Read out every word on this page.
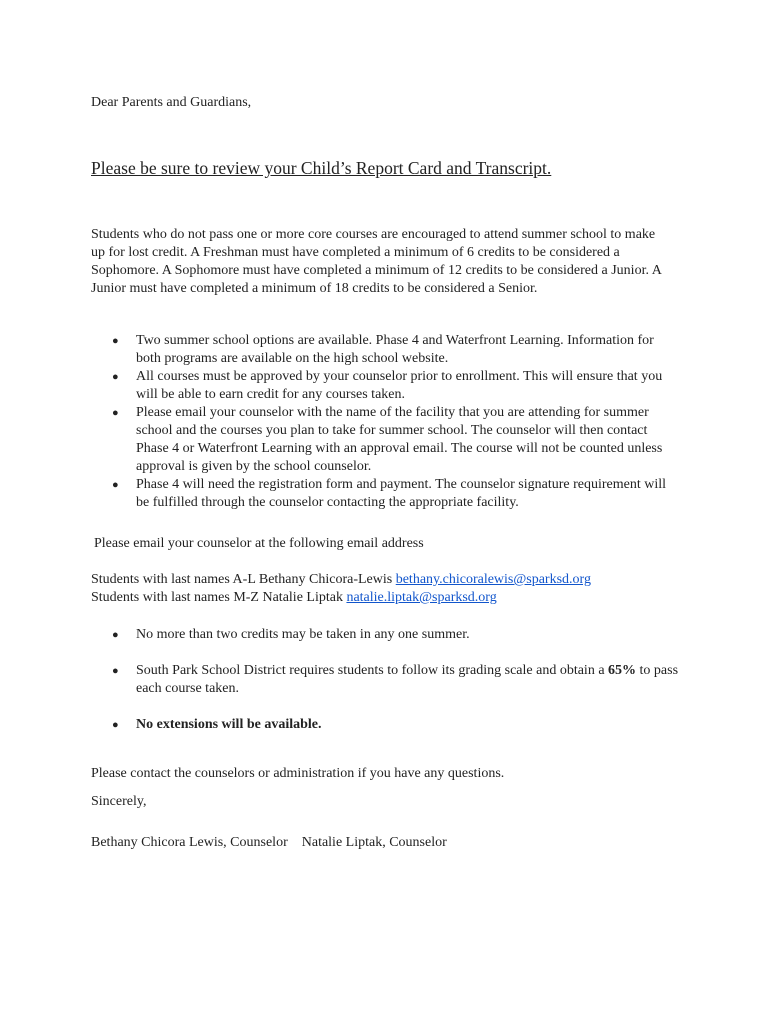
Dear Parents and Guardians,

Please be sure to review your Child’s Report Card and Transcript.

Students who do not pass one or more core courses are encouraged to attend summer school to make up for lost credit. A Freshman must have completed a minimum of 6 credits to be considered a Sophomore. A Sophomore must have completed a minimum of 12 credits to be considered a Junior. A Junior must have completed a minimum of 18 credits to be considered a Senior.

● Two summer school options are available. Phase 4 and Waterfront Learning. Information for both programs are available on the high school website.
● All courses must be approved by your counselor prior to enrollment. This will ensure that you will be able to earn credit for any courses taken.
● Please email your counselor with the name of the facility that you are attending for summer school and the courses you plan to take for summer school. The counselor will then contact Phase 4 or Waterfront Learning with an approval email. The course will not be counted unless approval is given by the school counselor.
● Phase 4 will need the registration form and payment. The counselor signature requirement will be fulfilled through the counselor contacting the appropriate facility.

Please email your counselor at the following email address

Students with last names A-L Bethany Chicora-Lewis bethany.chicoralewis@sparksd.org
Students with last names M-Z Natalie Liptak natalie.liptak@sparksd.org
● No more than two credits may be taken in any one summer.
● South Park School District requires students to follow its grading scale and obtain a 65% to pass each course taken.
● No extensions will be available.

Please contact the counselors or administration if you have any questions.

Sincerely,

Bethany Chicora Lewis, Counselor    Natalie Liptak, Counselor
